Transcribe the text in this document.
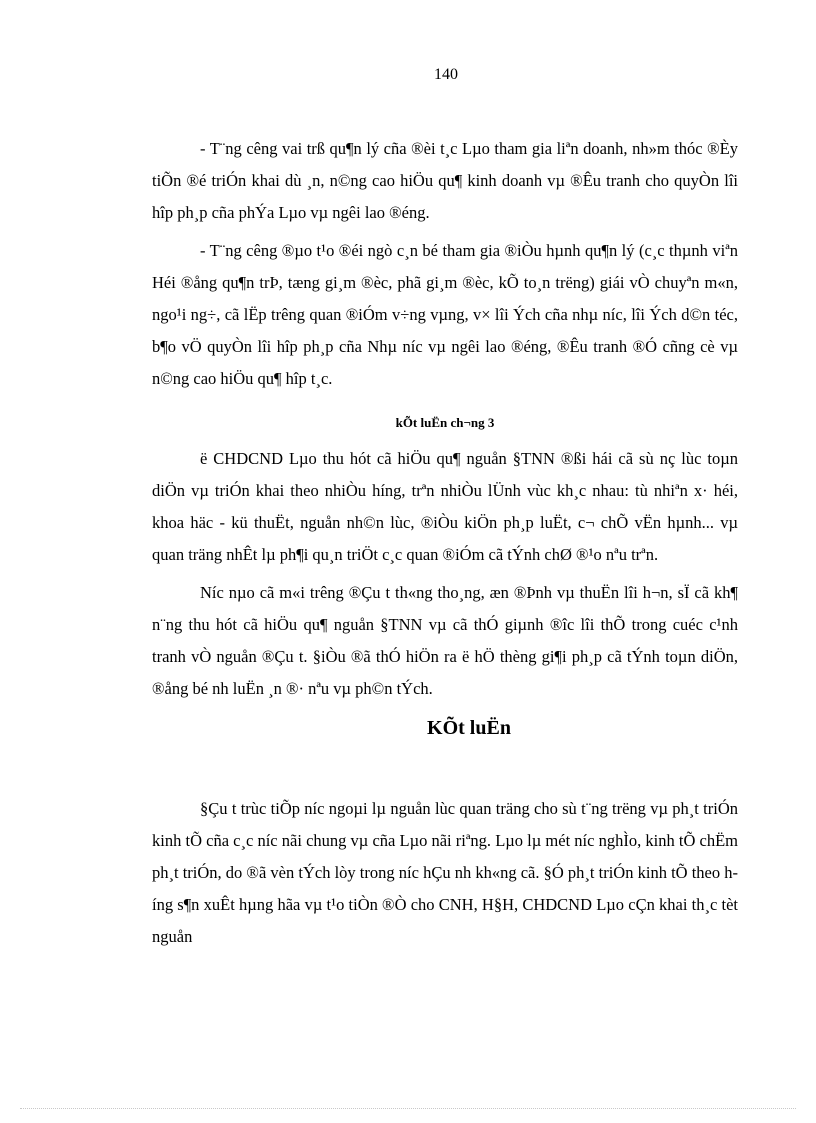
140

- T¨ng cêng vai trß qu¶n lý cña ®èi t¸c Lµo tham gia liªn doanh, nh»m thóc ®Èy tiÕn ®é triÓn khai dù ¸n, n©ng cao hiÖu qu¶ kinh doanh vµ ®Êu tranh cho quyÒn lîi hîp ph¸p cña phÝa Lµo vµ ngêi lao ®éng.

- T¨ng cêng ®µo t¹o ®éi ngò c¸n bé tham gia ®iÒu hµnh qu¶n lý (c¸c thµnh viªn Héi ®ång qu¶n trÞ, tæng gi¸m ®èc, phã gi¸m ®èc, kÕ to¸n trëng) giái vÒ chuyªn m«n, ngo¹i ng÷, cã lËp trêng quan ®iÓm v÷ng vµng, v× lîi Ých cña nhµ níc, lîi Ých d©n téc, b¶o vÖ quyÒn lîi hîp ph¸p cña Nhµ níc vµ ngêi lao ®éng, ®Êu tranh ®Ó cñng cè vµ n©ng cao hiÖu qu¶ hîp t¸c.

kÕt luËn ch¬ng 3

ë CHDCND Lµo thu hót cã hiÖu qu¶ nguån §TNN ®ßi hái cã sù nç lùc toµn diÖn vµ triÓn khai theo nhiÒu híng, trªn nhiÒu lÜnh vùc kh¸c nhau: tù nhiªn x· héi, khoa häc - kü thuËt, nguån nh©n lùc, ®iÒu kiÖn ph¸p luËt, c¬ chÕ vËn hµnh... vµ quan träng nhÊt lµ ph¶i qu¸n triÖt c¸c quan ®iÓm cã tÝnh chØ ®¹o nªu trªn.

Níc nµo cã m«i trêng ®Çu t th«ng tho¸ng, æn ®Þnh vµ thuËn lîi h¬n, sÏ cã kh¶ n¨ng thu hót cã hiÖu qu¶ nguån §TNN vµ cã thÓ giµnh ®îc lîi thÕ trong cuéc c¹nh tranh vÒ nguån ®Çu t. §iÒu ®ã thÓ hiÖn ra ë hÖ thèng gi¶i ph¸p cã tÝnh toµn diÖn, ®ång bé nh luËn ¸n ®· nªu vµ ph©n tÝch.

KÕt luËn

§Çu t trùc tiÕp níc ngoµi lµ nguån lùc quan träng cho sù t¨ng trëng vµ ph¸t triÓn kinh tÕ cña c¸c níc nãi chung vµ cña Lµo nãi riªng. Lµo lµ mét níc nghÌo, kinh tÕ chËm ph¸t triÓn, do ®ã vèn tÝch lòy trong níc hÇu nh kh«ng cã. §Ó ph¸t triÓn kinh tÕ theo híng s¶n xuÊt hµng hãa vµ t¹o tiÒn ®Ò cho CNH, H§H, CHDCND Lµo cÇn khai th¸c tèt nguån
